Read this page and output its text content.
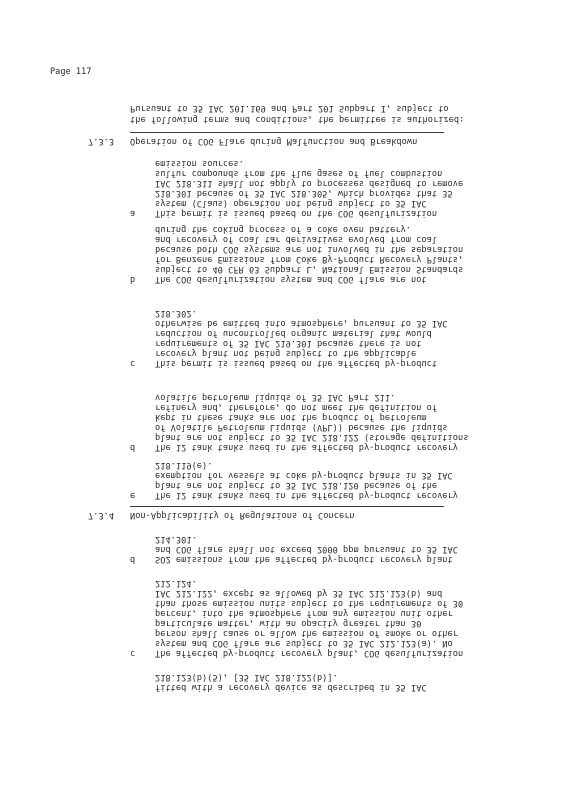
Page 117
Pursuant to 35 IAC 201.169 and Part 201 Subpart I, subject to
the following terms and conditions, the permittee is authorized:
7.3.3 Operation of COG Flare during Malfunction and Breakdown
This permit is issued based on the COG desulfurization
system (Claus) operation not being subject to 35 IAC
218.301 because of 35 IAC 218.305, which provides that 35
IAC 218.311 shall not apply to processes designed to remove
sulfur compounds from the flue gases of fuel combustion
emission sources.
a
The COG desulfurization system and COG flare are not
subject to 40 CFR 63 Subpart L, National Emission Standards
for Benzene Emissions from Coke By-Product Recovery Plants,
because both COG systems are not involved in the separation
and recovery of coal tar derivatives evolved from coal
during the coking process of a coke oven battery.
b
This permit is issued based on the affected by-product
recovery plant not being subject to the applicable
requirements of 35 IAC 219.301 because there is not
reduction of uncontrolled organic material that would
otherwise be emitted into atmosphere, pursuant to 35 IAC
218.302.
c
The 12 tank tanks used in the affected by-product recovery
plant are not subject to 35 IAC 218.122 (storage definitions
of Volatile Petroleum Liquids (VPL)) because the liquids
kept in these tanks are not the product of petroleum
refinery and, therefore, do not meet the definition of
volatile petroleum liquids of 35 IAC Part 211.
d
The 12 tank tanks used in the affected by-product recovery
plant are not subject to 35 IAC 218.120 because of the
exemption for vessels at coke by-product plants in 35 IAC
218.119(e).
e
7.3.4 Non-Applicability of Regulations of Concern
SO2 emissions from the affected by-product recovery plant
and COG flare shall not exceed 2000 ppm pursuant to 35 IAC
214.301.
d
The affected by-product recovery plant, COG desulfurization
system and COG flare are subject to 35 IAC 212.123(a). No
person shall cause or allow the emission of smoke or other
particulate matter, with an opacity greater than 30
percent, into the atmosphere from any emission unit other
than those emission units subject to the requirements of 30
IAC 212.122, except as allowed by 35 IAC 212.123(b) and
212.124.
c
fitted with a recovery device as described in 35 IAC
218.123(b)(5), [35 IAC 218.122(b)].
